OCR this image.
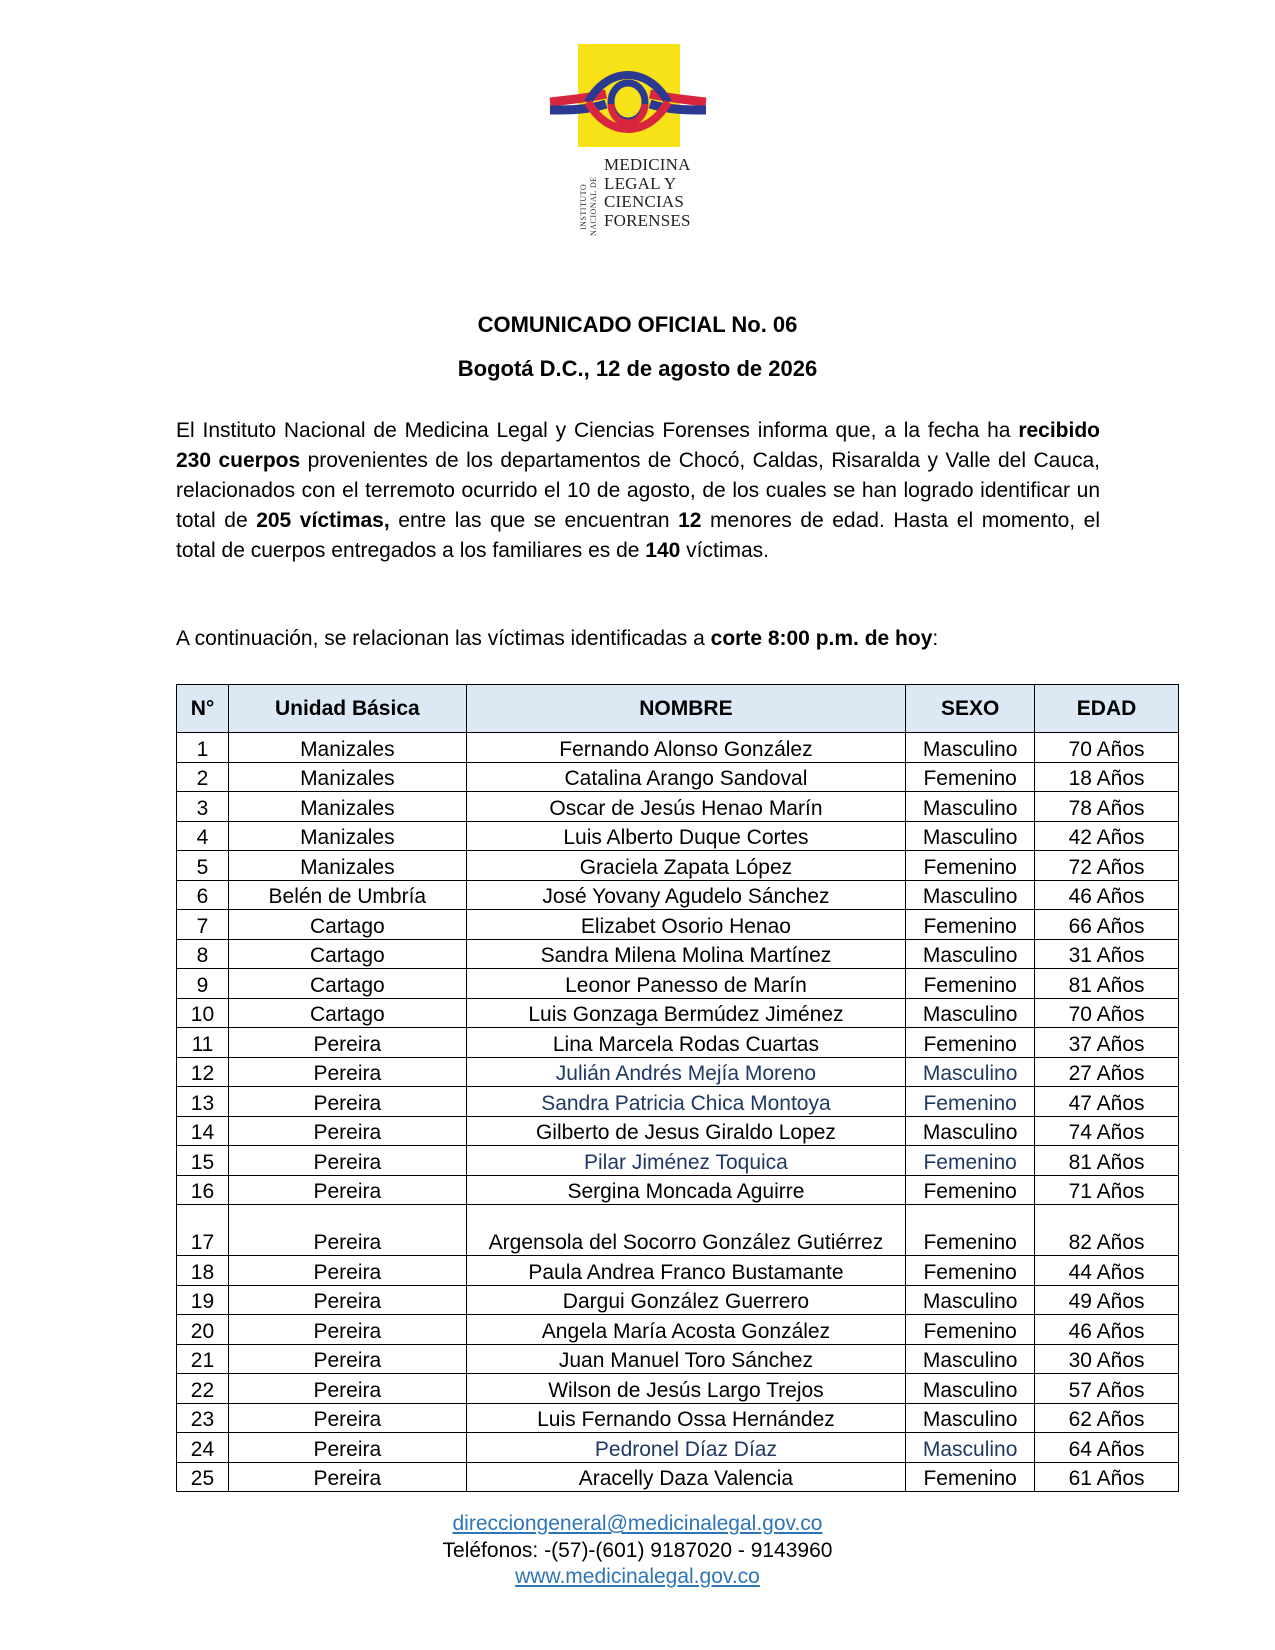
INSTITUTO NACIONAL DE
MEDICINA
LEGAL Y
CIENCIAS
FORENSES
COMUNICADO OFICIAL No. 06
Bogotá D.C., 12 de agosto de 2026
El Instituto Nacional de Medicina Legal y Ciencias Forenses informa que, a la fecha ha recibido 230 cuerpos provenientes de los departamentos de Chocó, Caldas, Risaralda y Valle del Cauca, relacionados con el terremoto ocurrido el 10 de agosto, de los cuales se han logrado identificar un total de 205 víctimas, entre las que se encuentran 12 menores de edad. Hasta el momento, el total de cuerpos entregados a los familiares es de 140 víctimas.
A continuación, se relacionan las víctimas identificadas a corte 8:00 p.m. de hoy:
N°	Unidad Básica	NOMBRE	SEXO	EDAD
1	Manizales	Fernando Alonso González	Masculino	70 Años
2	Manizales	Catalina Arango Sandoval	Femenino	18 Años
3	Manizales	Oscar de Jesús Henao Marín	Masculino	78 Años
4	Manizales	Luis Alberto Duque Cortes	Masculino	42 Años
5	Manizales	Graciela Zapata López	Femenino	72 Años
6	Belén de Umbría	José Yovany Agudelo Sánchez	Masculino	46 Años
7	Cartago	Elizabet Osorio Henao	Femenino	66 Años
8	Cartago	Sandra Milena Molina Martínez	Masculino	31 Años
9	Cartago	Leonor Panesso de Marín	Femenino	81 Años
10	Cartago	Luis Gonzaga Bermúdez Jiménez	Masculino	70 Años
11	Pereira	Lina Marcela Rodas Cuartas	Femenino	37 Años
12	Pereira	Julián Andrés Mejía Moreno	Masculino	27 Años
13	Pereira	Sandra Patricia Chica Montoya	Femenino	47 Años
14	Pereira	Gilberto de Jesus Giraldo Lopez	Masculino	74 Años
15	Pereira	Pilar Jiménez Toquica	Femenino	81 Años
16	Pereira	Sergina Moncada Aguirre	Femenino	71 Años
17	Pereira	Argensola del Socorro González Gutiérrez	Femenino	82 Años
18	Pereira	Paula Andrea Franco Bustamante	Femenino	44 Años
19	Pereira	Dargui González Guerrero	Masculino	49 Años
20	Pereira	Angela María Acosta González	Femenino	46 Años
21	Pereira	Juan Manuel Toro Sánchez	Masculino	30 Años
22	Pereira	Wilson de Jesús Largo Trejos	Masculino	57 Años
23	Pereira	Luis Fernando Ossa Hernández	Masculino	62 Años
24	Pereira	Pedronel Díaz Díaz	Masculino	64 Años
25	Pereira	Aracelly Daza Valencia	Femenino	61 Años
direcciongeneral@medicinalegal.gov.co
Teléfonos: -(57)-(601) 9187020 - 9143960
www.medicinalegal.gov.co
